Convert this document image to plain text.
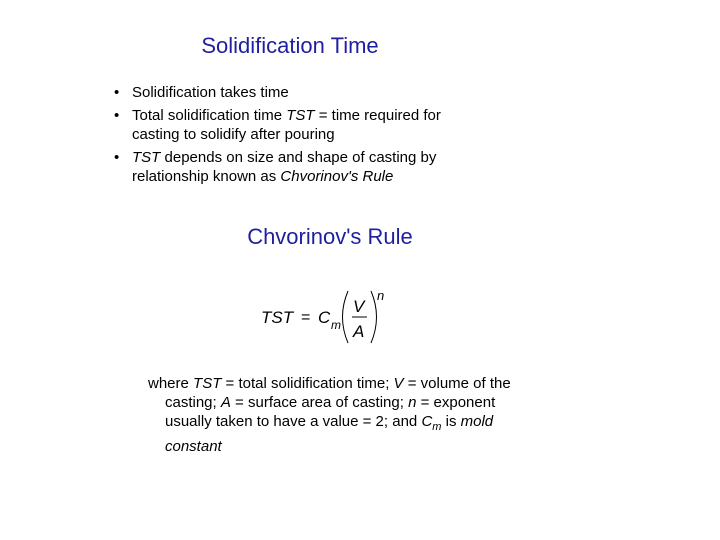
Solidification Time
• Solidification takes time
• Total solidification time TST = time required for casting to solidify after pouring
• TST depends on size and shape of casting by relationship known as Chvorinov's Rule
Chvorinov's Rule
TST = C m
V
A
n
where TST = total solidification time; V = volume of the casting; A = surface area of casting; n = exponent usually taken to have a value = 2; and $C_m$ is mold constant
